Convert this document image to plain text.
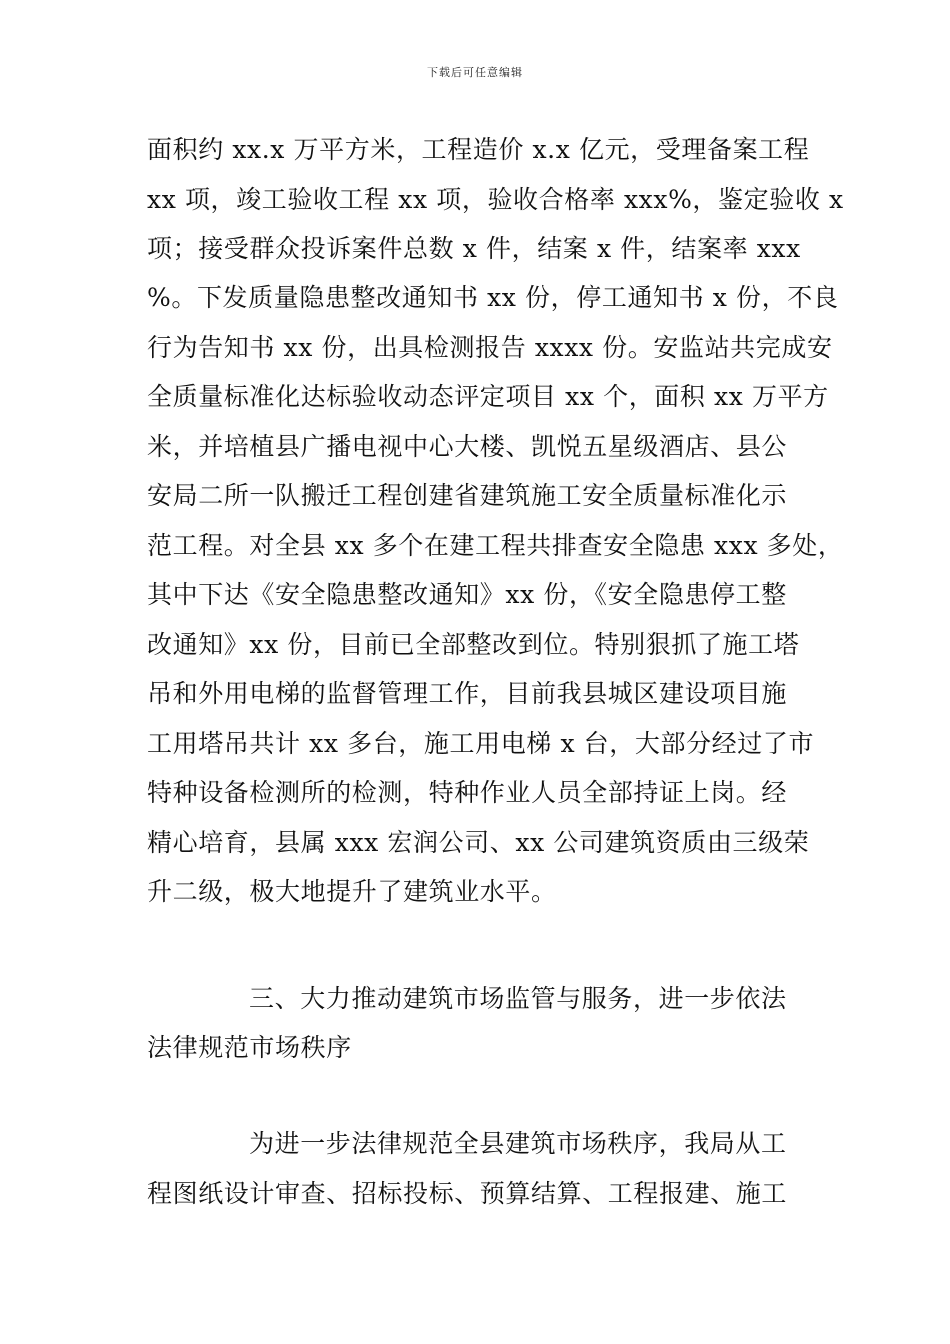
下载后可任意编辑
面积约 xx.x 万平方米，工程造价 x.x 亿元，受理备案工程
xx 项，竣工验收工程 xx 项，验收合格率 xxx%，鉴定验收 x
项；接受群众投诉案件总数 x 件，结案 x 件，结案率 xxx
%。下发质量隐患整改通知书 xx 份，停工通知书 x 份，不良
行为告知书 xx 份，出具检测报告 xxxx 份。安监站共完成安
全质量标准化达标验收动态评定项目 xx 个，面积 xx 万平方
米，并培植县广播电视中心大楼、凯悦五星级酒店、县公
安局二所一队搬迁工程创建省建筑施工安全质量标准化示
范工程。对全县 xx 多个在建工程共排查安全隐患 xxx 多处，
其中下达《安全隐患整改通知》xx 份，《安全隐患停工整
改通知》xx 份，目前已全部整改到位。特别狠抓了施工塔
吊和外用电梯的监督管理工作，目前我县城区建设项目施
工用塔吊共计 xx 多台，施工用电梯 x 台，大部分经过了市
特种设备检测所的检测，特种作业人员全部持证上岗。经
精心培育，县属 xxx 宏润公司、xx 公司建筑资质由三级荣
升二级，极大地提升了建筑业水平。
三、大力推动建筑市场监管与服务，进一步依法
法律规范市场秩序
为进一步法律规范全县建筑市场秩序，我局从工
程图纸设计审查、招标投标、预算结算、工程报建、施工
